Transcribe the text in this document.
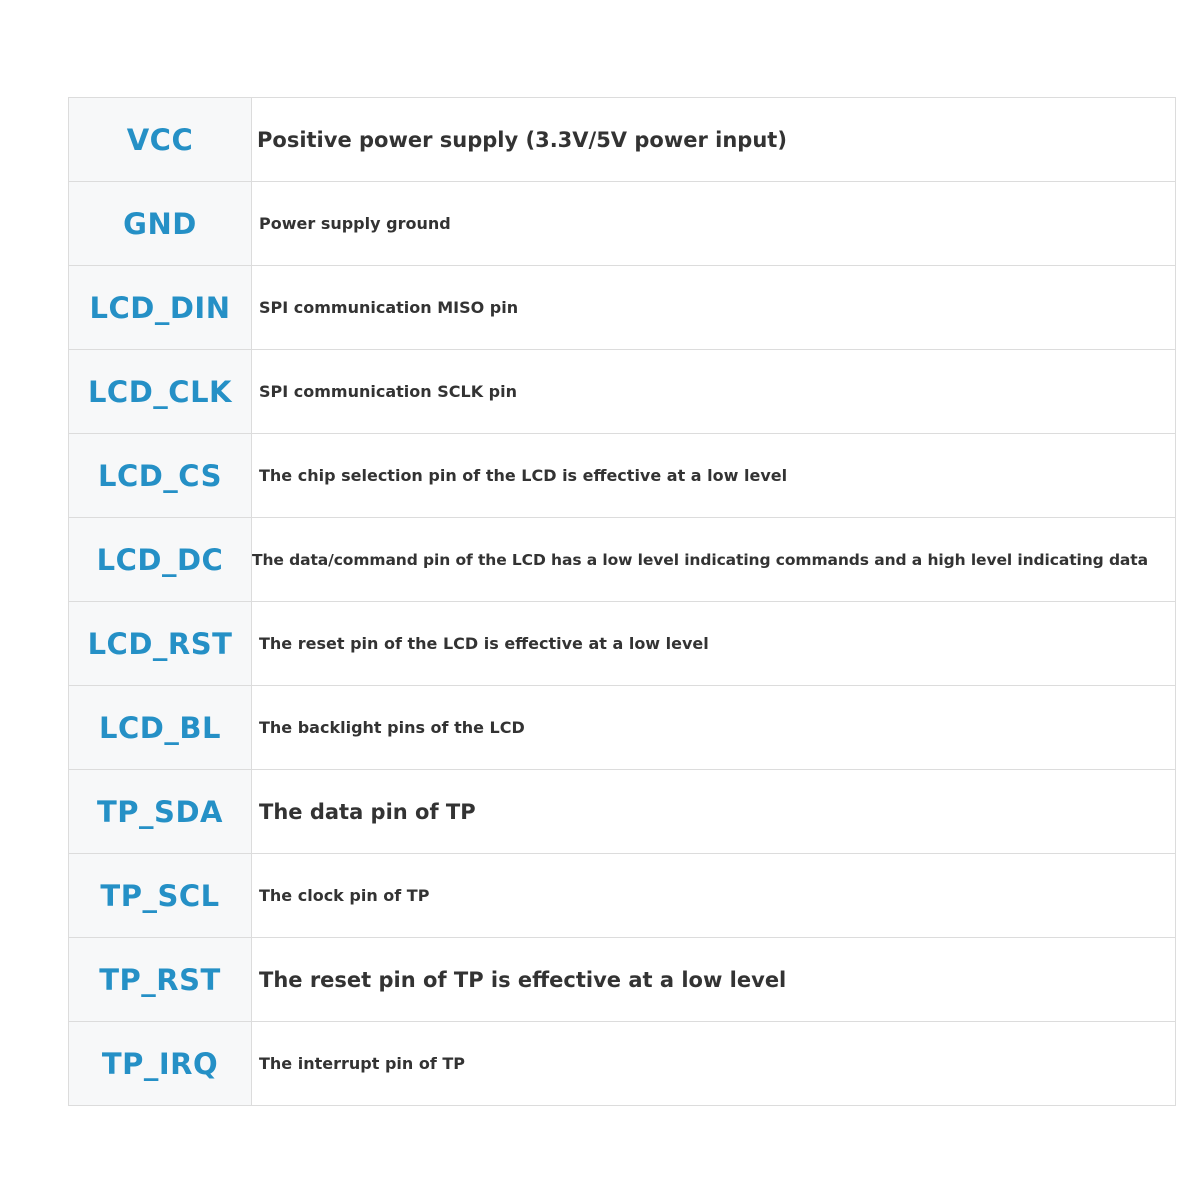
VCC	Positive power supply (3.3V/5V power input)
GND	Power supply ground
LCD_DIN	SPI communication MISO pin
LCD_CLK	SPI communication SCLK pin
LCD_CS	The chip selection pin of the LCD is effective at a low level
LCD_DC	The data/command pin of the LCD has a low level indicating commands and a high level indicating data
LCD_RST	The reset pin of the LCD is effective at a low level
LCD_BL	The backlight pins of the LCD
TP_SDA	The data pin of TP
TP_SCL	The clock pin of TP
TP_RST	The reset pin of TP is effective at a low level
TP_IRQ	The interrupt pin of TP
